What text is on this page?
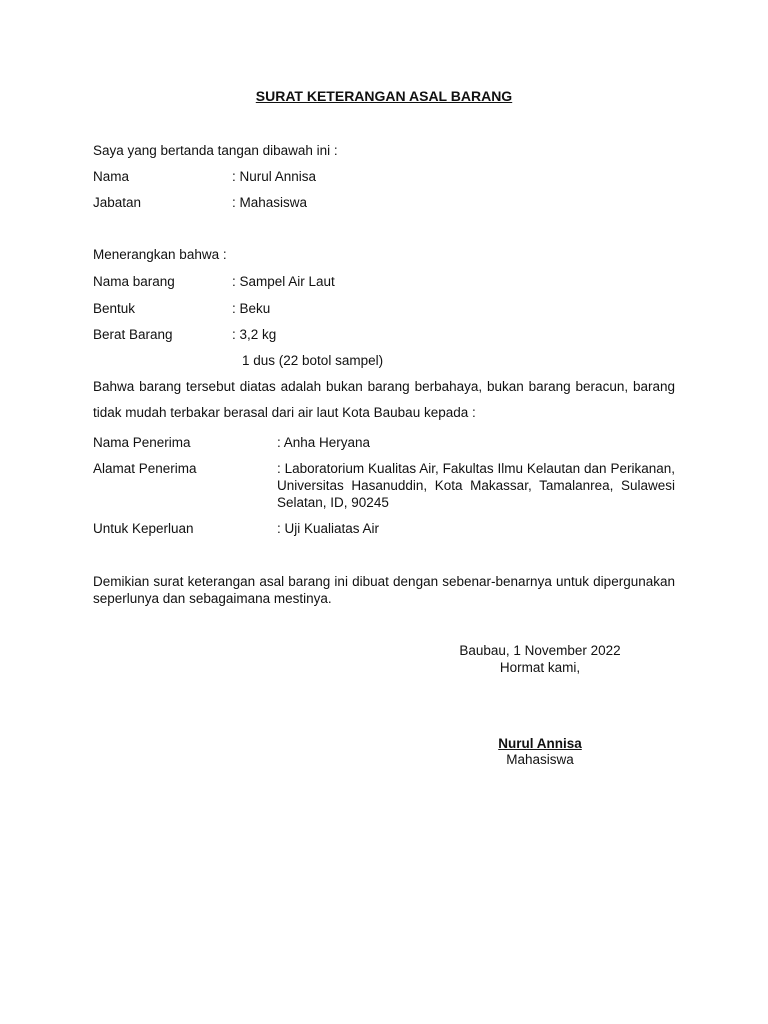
SURAT KETERANGAN ASAL BARANG
Saya yang bertanda tangan dibawah ini :
Nama	: Nurul Annisa
Jabatan	: Mahasiswa
Menerangkan bahwa :
Nama barang	: Sampel Air Laut
Bentuk	: Beku
Berat Barang	: 3,2 kg
1 dus (22 botol sampel)
Bahwa barang tersebut diatas adalah bukan barang berbahaya, bukan barang beracun, barang tidak mudah terbakar berasal dari air laut Kota Baubau kepada :
Nama Penerima	: Anha Heryana
Alamat Penerima	: Laboratorium Kualitas Air, Fakultas Ilmu Kelautan dan Perikanan, Universitas Hasanuddin, Kota Makassar, Tamalanrea, Sulawesi Selatan, ID, 90245
Untuk Keperluan	: Uji Kualiatas Air
Demikian surat keterangan asal barang ini dibuat dengan sebenar-benarnya untuk dipergunakan seperlunya dan sebagaimana mestinya.
Baubau, 1 November 2022
Hormat kami,
Nurul Annisa
Mahasiswa
